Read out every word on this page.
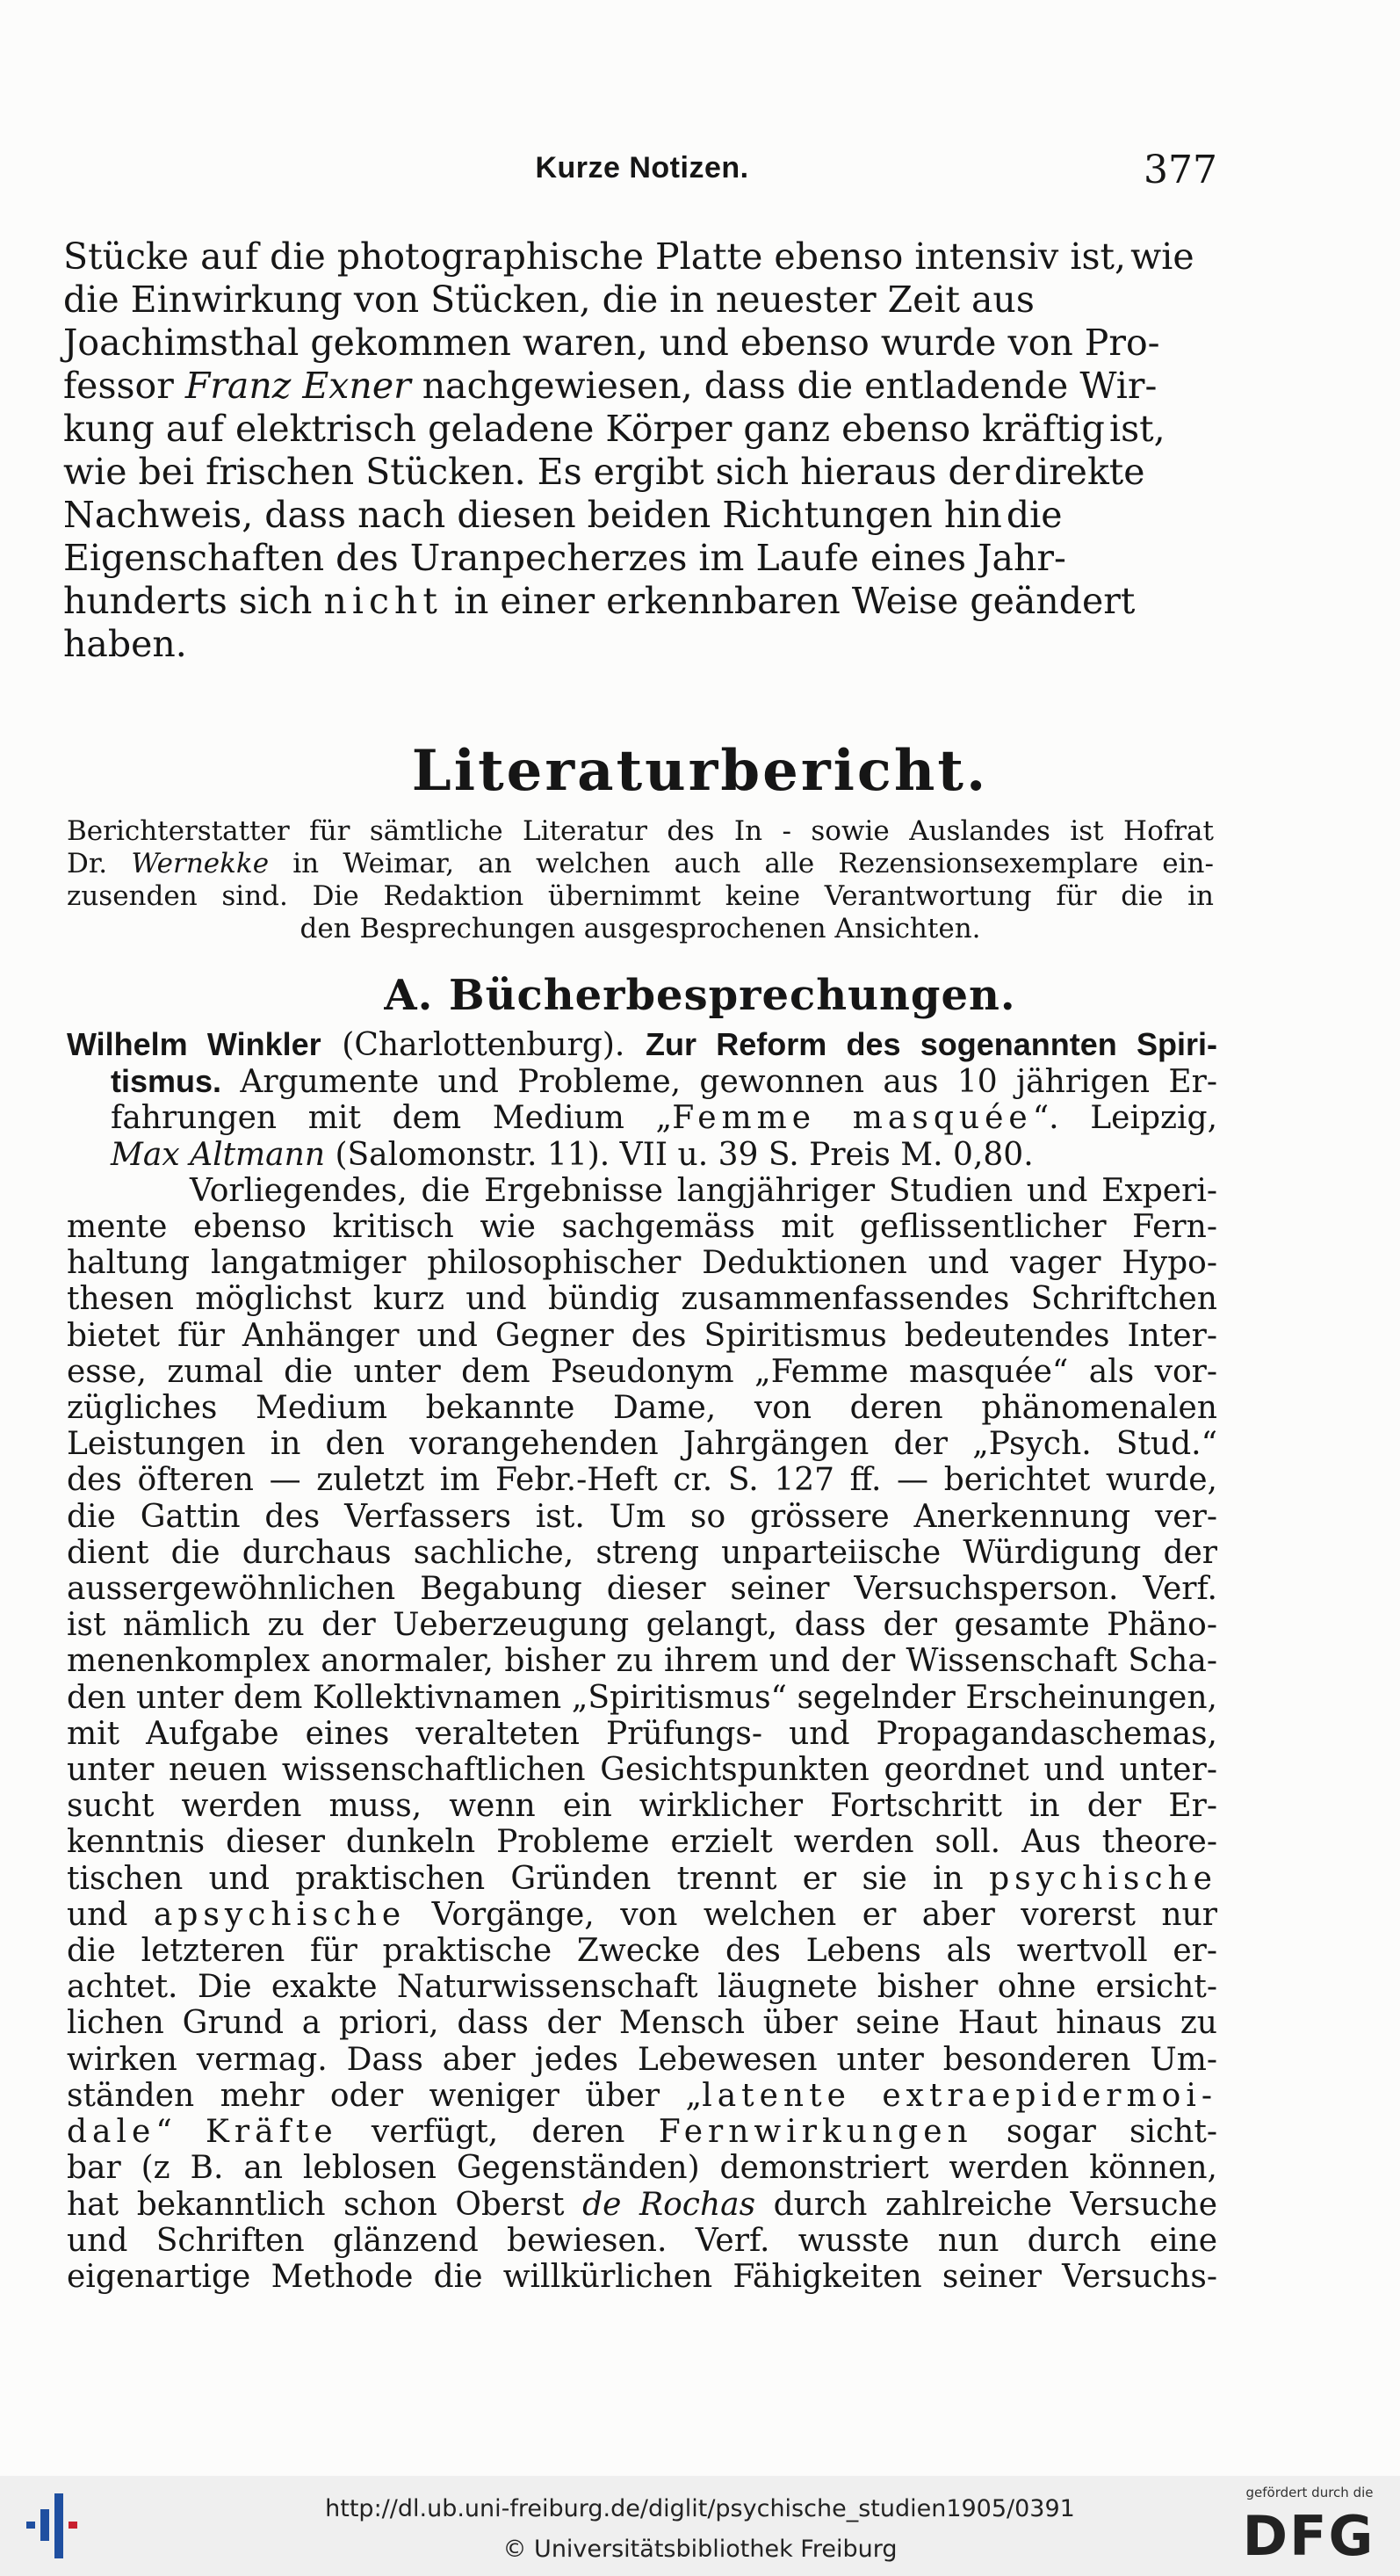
Kurze Notizen.	377
Stücke auf die photographische Platte ebenso intensiv ist, wie die Einwirkung von Stücken, die in neuester Zeit aus Joachimsthal gekommen waren, und ebenso wurde von Pro- fessor Franz Exner nachgewiesen, dass die entladende Wir- kung auf elektrisch geladene Körper ganz ebenso kräftig ist, wie bei frischen Stücken. Es ergibt sich hieraus der direkte Nachweis, dass nach diesen beiden Richtungen hin die Eigenschaften des Uranpecherzes im Laufe eines Jahr- hunderts sich nicht in einer erkennbaren Weise geändert haben.
Literaturbericht.
Berichterstatter für sämtliche Literatur des In - sowie Auslandes ist Hofrat
Dr. Wernekke in Weimar, an welchen auch alle Rezensionsexemplare ein-
zusenden sind. Die Redaktion übernimmt keine Verantwortung für die in
den Besprechungen ausgesprochenen Ansichten.
A. Bücherbesprechungen.
Wilhelm Winkler (Charlottenburg). Zur Reform des sogenannten Spiri-
tismus. Argumente und Probleme, gewonnen aus 10 jährigen Er-
fahrungen mit dem Medium „Femme masquée“. Leipzig,
Max Altmann (Salomonstr. 11). VII u. 39 S. Preis M. 0,80.
Vorliegendes, die Ergebnisse langjähriger Studien und Experi-
mente ebenso kritisch wie sachgemäss mit geflissentlicher Fern-
haltung langatmiger philosophischer Deduktionen und vager Hypo-
thesen möglichst kurz und bündig zusammenfassendes Schriftchen
bietet für Anhänger und Gegner des Spiritismus bedeutendes Inter-
esse, zumal die unter dem Pseudonym „Femme masquée“ als vor-
zügliches Medium bekannte Dame, von deren phänomenalen
Leistungen in den vorangehenden Jahrgängen der „Psych. Stud.“
des öfteren — zuletzt im Febr.-Heft cr. S. 127 ff. — berichtet wurde,
die Gattin des Verfassers ist. Um so grössere Anerkennung ver-
dient die durchaus sachliche, streng unparteiische Würdigung der
aussergewöhnlichen Begabung dieser seiner Versuchsperson. Verf.
ist nämlich zu der Ueberzeugung gelangt, dass der gesamte Phäno-
menenkomplex anormaler, bisher zu ihrem und der Wissenschaft Scha-
den unter dem Kollektivnamen „Spiritismus“ segelnder Erscheinungen,
mit Aufgabe eines veralteten Prüfungs- und Propagandaschemas,
unter neuen wissenschaftlichen Gesichtspunkten geordnet und unter-
sucht werden muss, wenn ein wirklicher Fortschritt in der Er-
kenntnis dieser dunkeln Probleme erzielt werden soll. Aus theore-
tischen und praktischen Gründen trennt er sie in psychische
und apsychische Vorgänge, von welchen er aber vorerst nur
die letzteren für praktische Zwecke des Lebens als wertvoll er-
achtet. Die exakte Naturwissenschaft läugnete bisher ohne ersicht-
lichen Grund a priori, dass der Mensch über seine Haut hinaus zu
wirken vermag. Dass aber jedes Lebewesen unter besonderen Um-
ständen mehr oder weniger über „latente extraepidermoi-
dale“ Kräfte verfügt, deren Fernwirkungen sogar sicht-
bar (z B. an leblosen Gegenständen) demonstriert werden können,
hat bekanntlich schon Oberst de Rochas durch zahlreiche Versuche
und Schriften glänzend bewiesen. Verf. wusste nun durch eine
eigenartige Methode die willkürlichen Fähigkeiten seiner Versuchs-
http://dl.ub.uni-freiburg.de/diglit/psychische_studien1905/0391
© Universitätsbibliothek Freiburg
gefördert durch die
DFG
